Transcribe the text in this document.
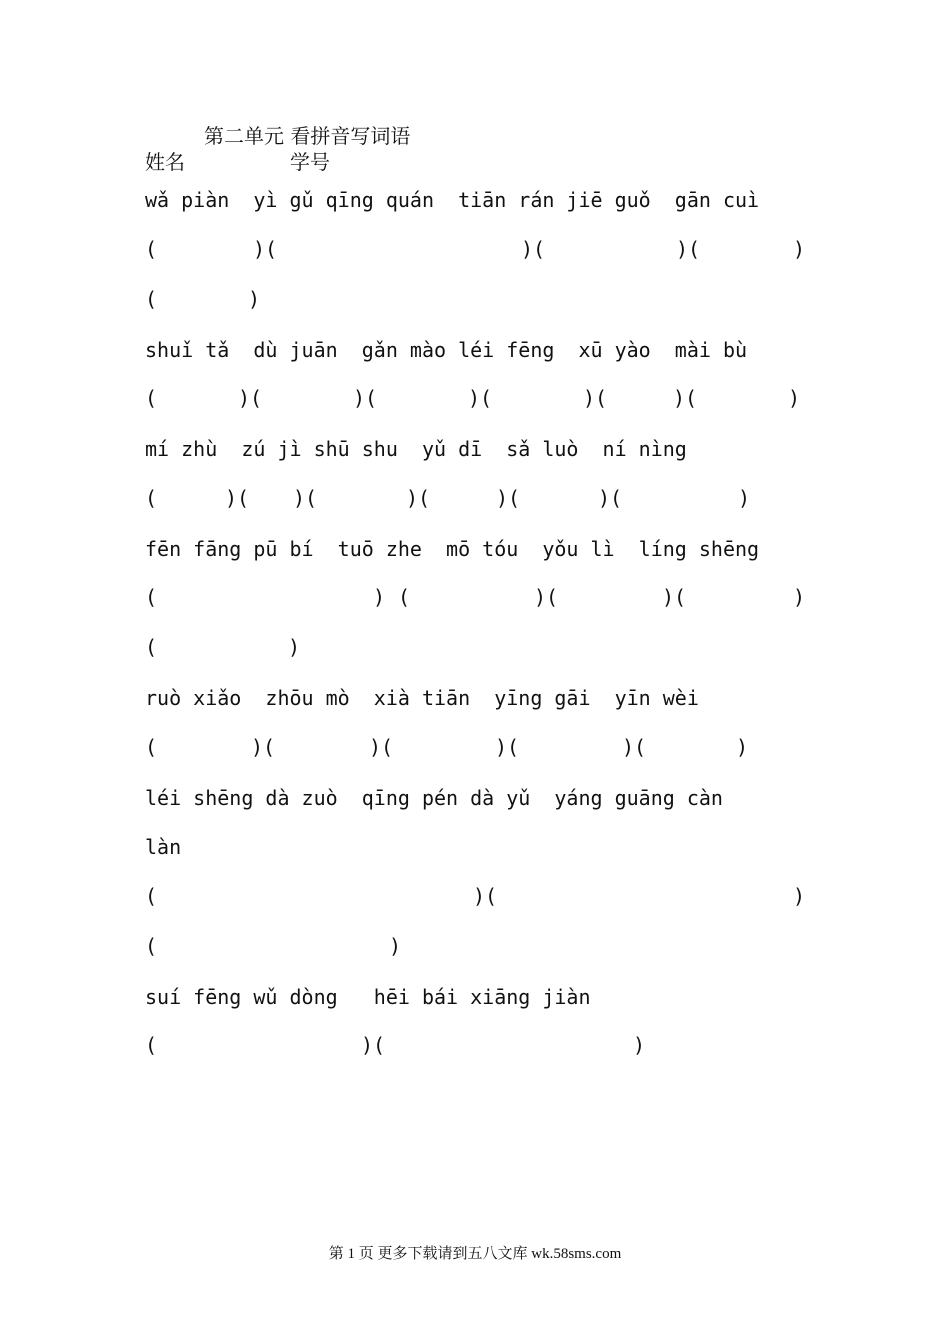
第二单元 看拼音写词语
姓名	学号
wǎ piàn  yì gǔ qīng quán  tiān rán jiē guǒ  gān cuì

(

	)

(

	)

(

	)

(

	)

(

	)

shuǐ tǎ  dù juān  gǎn mào léi fēng  xū yào  mài bù

(

	)

(

	)

(

	)

(

	)

(

	)

(

	)

mí zhù  zú jì shū shu  yǔ dī  sǎ luò  ní nìng

(

	)

(

)

(

	)

(

	)

(

	)

(

	)

fēn fāng pū bí  tuō zhe  mō tóu  yǒu lì  líng shēng

(

	)

(

	)

(

	)

(

	)

(

	)

ruò xiǎo  zhōu mò  xià tiān  yīng gāi  yīn wèi

(

	)

(

	)

(

	)

(

	)

(

	)

léi shēng dà zuò  qīng pén dà yǔ  yáng guāng càn
làn

(

	)

(

	)

(

	)

suí fēng wǔ dòng   hēi bái xiāng jiàn

(

	)

(

	)

第 1 页 更多下载请到五八文库 wk.58sms.com
